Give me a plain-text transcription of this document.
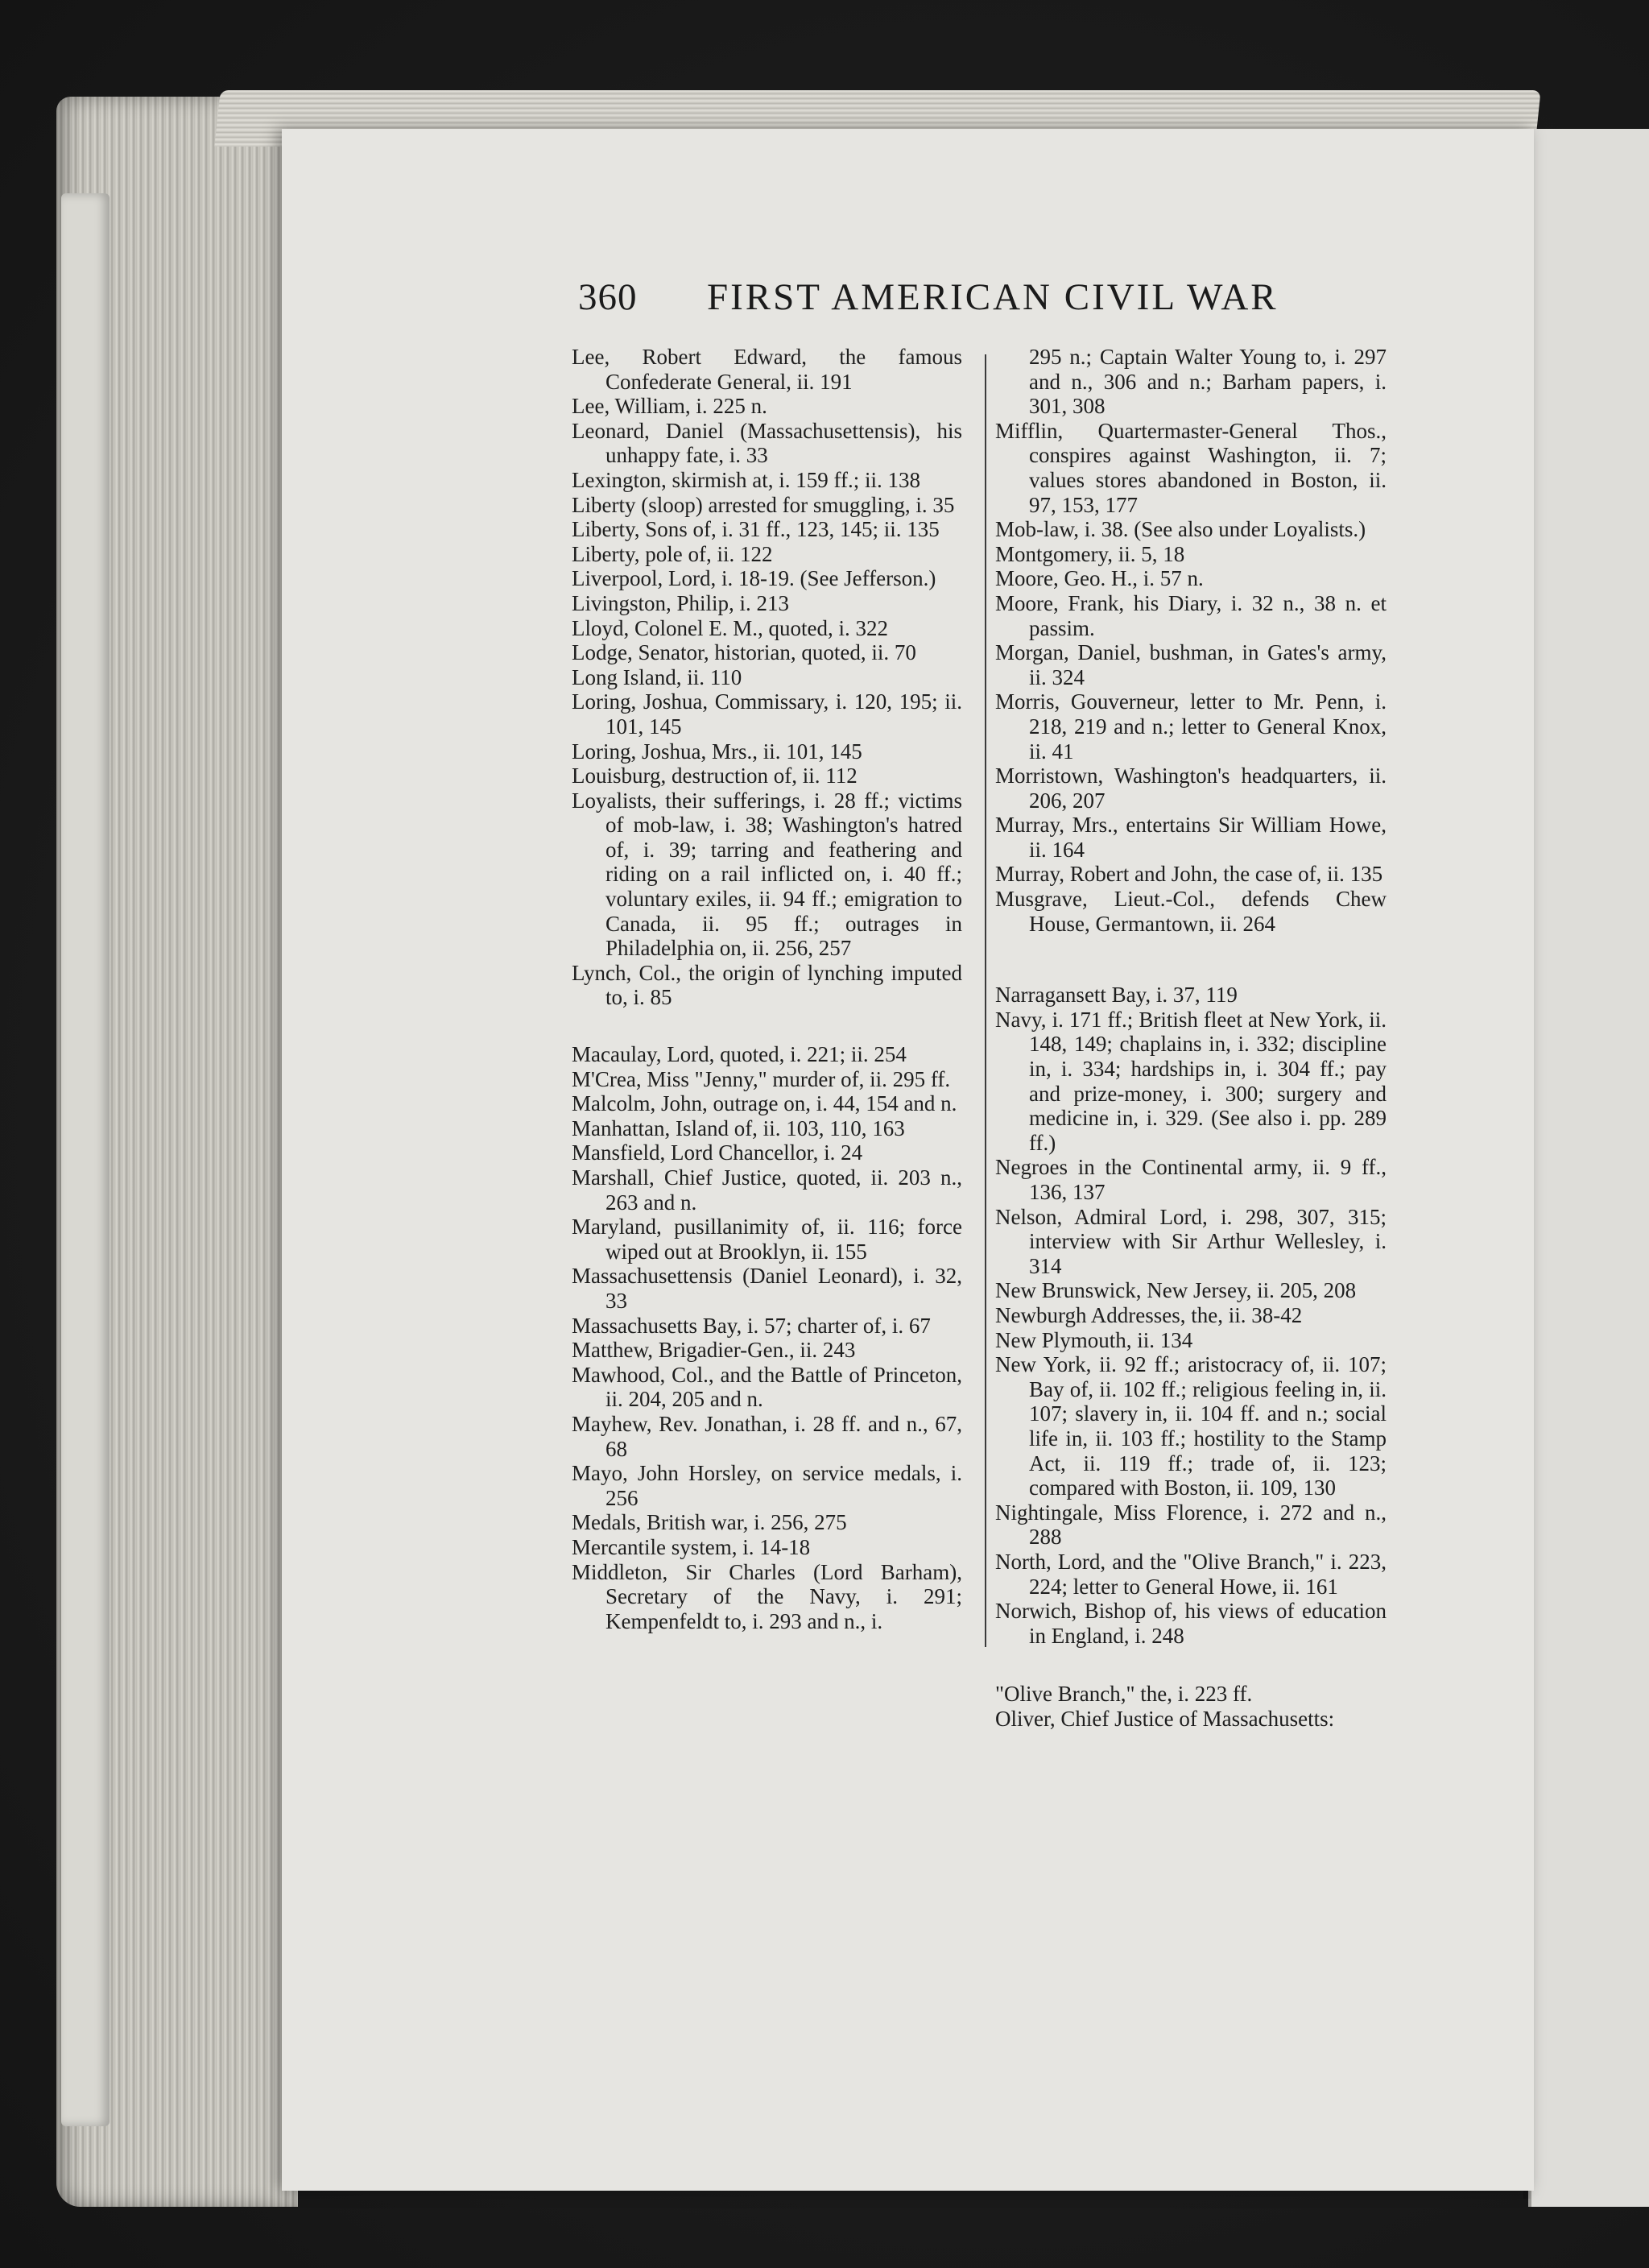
360 FIRST AMERICAN CIVIL WAR

Lee, Robert Edward, the famous Confederate General, ii. 191

Lee, William, i. 225 n.

Leonard, Daniel (Massachusettensis), his unhappy fate, i. 33

Lexington, skirmish at, i. 159 ff.; ii. 138

Liberty (sloop) arrested for smuggling, i. 35

Liberty, Sons of, i. 31 ff., 123, 145; ii. 135

Liberty, pole of, ii. 122

Liverpool, Lord, i. 18-19. (See Jefferson.)

Livingston, Philip, i. 213

Lloyd, Colonel E. M., quoted, i. 322

Lodge, Senator, historian, quoted, ii. 70

Long Island, ii. 110

Loring, Joshua, Commissary, i. 120, 195; ii. 101, 145

Loring, Joshua, Mrs., ii. 101, 145

Louisburg, destruction of, ii. 112

Loyalists, their sufferings, i. 28 ff.; victims of mob-law, i. 38; Washington's hatred of, i. 39; tarring and feathering and riding on a rail inflicted on, i. 40 ff.; voluntary exiles, ii. 94 ff.; emigration to Canada, ii. 95 ff.; outrages in Philadelphia on, ii. 256, 257

Lynch, Col., the origin of lynching imputed to, i. 85

Macaulay, Lord, quoted, i. 221; ii. 254

M'Crea, Miss "Jenny," murder of, ii. 295 ff.

Malcolm, John, outrage on, i. 44, 154 and n.

Manhattan, Island of, ii. 103, 110, 163

Mansfield, Lord Chancellor, i. 24

Marshall, Chief Justice, quoted, ii. 203 n., 263 and n.

Maryland, pusillanimity of, ii. 116; force wiped out at Brooklyn, ii. 155

Massachusettensis (Daniel Leonard), i. 32, 33

Massachusetts Bay, i. 57; charter of, i. 67

Matthew, Brigadier-Gen., ii. 243

Mawhood, Col., and the Battle of Princeton, ii. 204, 205 and n.

Mayhew, Rev. Jonathan, i. 28 ff. and n., 67, 68

Mayo, John Horsley, on service medals, i. 256

Medals, British war, i. 256, 275

Mercantile system, i. 14-18

Middleton, Sir Charles (Lord Barham), Secretary of the Navy, i. 291; Kempenfeldt to, i. 293 and n., i.

295 n.; Captain Walter Young to, i. 297 and n., 306 and n.; Barham papers, i. 301, 308

Mifflin, Quartermaster-General Thos., conspires against Washington, ii. 7; values stores abandoned in Boston, ii. 97, 153, 177

Mob-law, i. 38. (See also under Loyalists.)

Montgomery, ii. 5, 18

Moore, Geo. H., i. 57 n.

Moore, Frank, his Diary, i. 32 n., 38 n. et passim.

Morgan, Daniel, bushman, in Gates's army, ii. 324

Morris, Gouverneur, letter to Mr. Penn, i. 218, 219 and n.; letter to General Knox, ii. 41

Morristown, Washington's headquarters, ii. 206, 207

Murray, Mrs., entertains Sir William Howe, ii. 164

Murray, Robert and John, the case of, ii. 135

Musgrave, Lieut.-Col., defends Chew House, Germantown, ii. 264

Narragansett Bay, i. 37, 119

Navy, i. 171 ff.; British fleet at New York, ii. 148, 149; chaplains in, i. 332; discipline in, i. 334; hardships in, i. 304 ff.; pay and prize-money, i. 300; surgery and medicine in, i. 329. (See also i. pp. 289 ff.)

Negroes in the Continental army, ii. 9 ff., 136, 137

Nelson, Admiral Lord, i. 298, 307, 315; interview with Sir Arthur Wellesley, i. 314

New Brunswick, New Jersey, ii. 205, 208

Newburgh Addresses, the, ii. 38-42

New Plymouth, ii. 134

New York, ii. 92 ff.; aristocracy of, ii. 107; Bay of, ii. 102 ff.; religious feeling in, ii. 107; slavery in, ii. 104 ff. and n.; social life in, ii. 103 ff.; hostility to the Stamp Act, ii. 119 ff.; trade of, ii. 123; compared with Boston, ii. 109, 130

Nightingale, Miss Florence, i. 272 and n., 288

North, Lord, and the "Olive Branch," i. 223, 224; letter to General Howe, ii. 161

Norwich, Bishop of, his views of education in England, i. 248

"Olive Branch," the, i. 223 ff.

Oliver, Chief Justice of Massachusetts:
